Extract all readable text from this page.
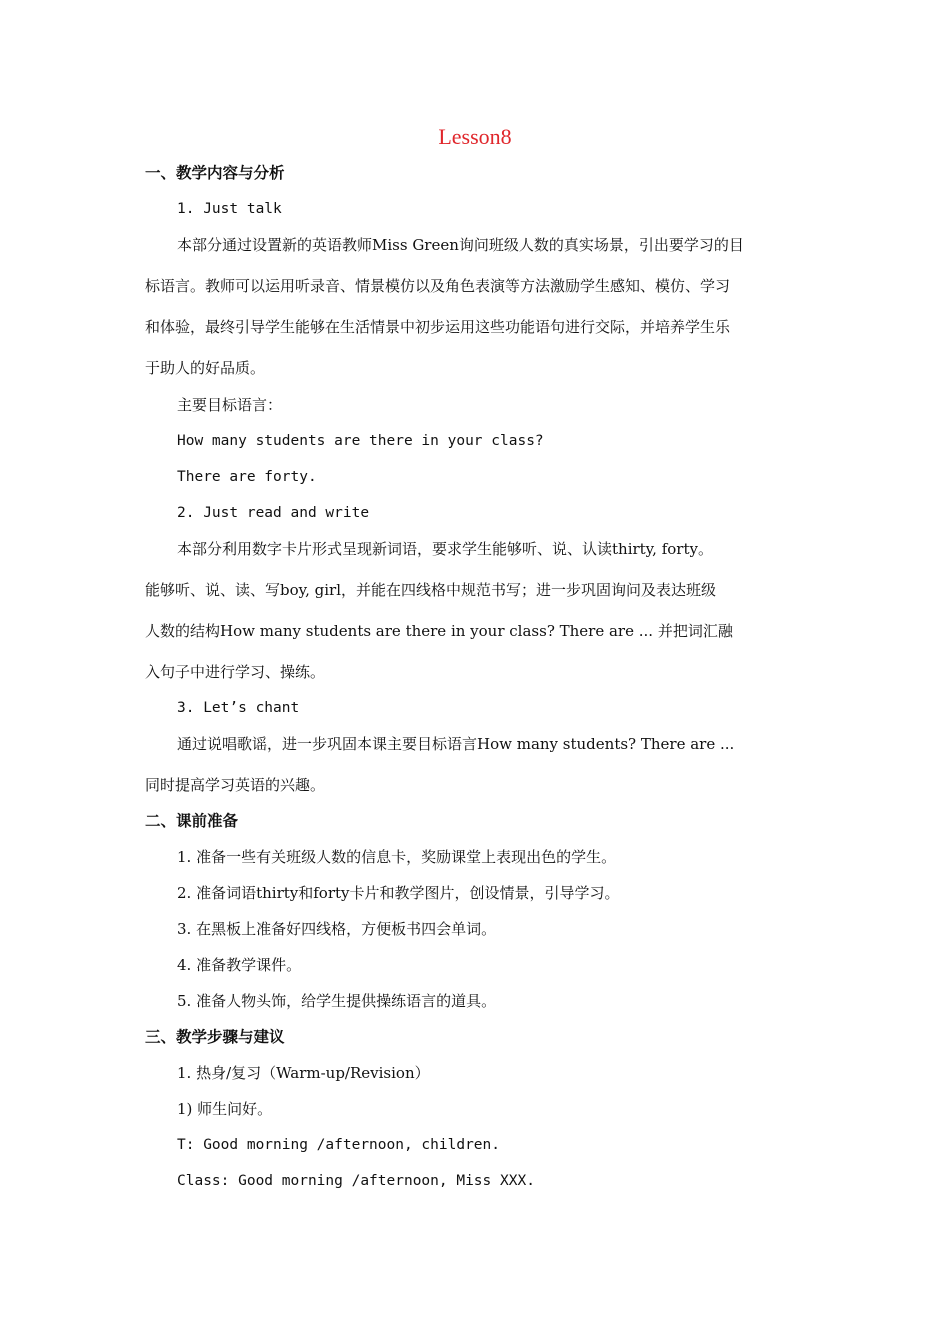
Lesson8
一、教学内容与分析
1. Just talk
本部分通过设置新的英语教师Miss Green询问班级人数的真实场景，引出要学习的目
标语言。教师可以运用听录音、情景模仿以及角色表演等方法激励学生感知、模仿、学习
和体验，最终引导学生能够在生活情景中初步运用这些功能语句进行交际，并培养学生乐
于助人的好品质。
主要目标语言：
How many students are there in your class?
There are forty.
2. Just read and write
本部分利用数字卡片形式呈现新词语，要求学生能够听、说、认读thirty, forty。
能够听、说、读、写boy, girl，并能在四线格中规范书写；进一步巩固询问及表达班级
人数的结构How many students are there in your class? There are ... 并把词汇融
入句子中进行学习、操练。
3. Let’s chant
通过说唱歌谣，进一步巩固本课主要目标语言How many students? There are ...
同时提高学习英语的兴趣。
二、课前准备
1. 准备一些有关班级人数的信息卡，奖励课堂上表现出色的学生。
2. 准备词语thirty和forty卡片和教学图片，创设情景，引导学习。
3. 在黑板上准备好四线格，方便板书四会单词。
4. 准备教学课件。
5. 准备人物头饰，给学生提供操练语言的道具。
三、教学步骤与建议
1. 热身/复习（Warm-up/Revision）
1) 师生问好。
T: Good morning /afternoon, children.
Class: Good morning /afternoon, Miss XXX.
